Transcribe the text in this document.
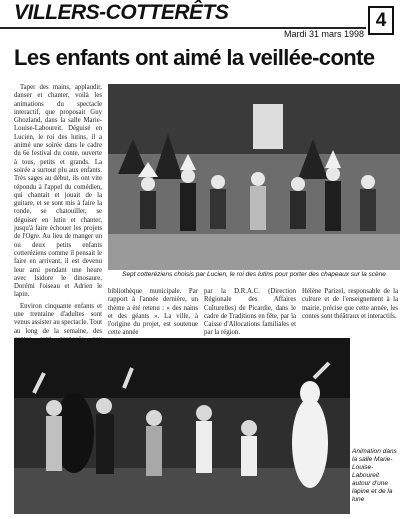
VILLERS-COTTERÊTS
Mardi 31 mars 1998
4
Les enfants ont aimé la veillée-conte

Taper des mains, applaudir, danser et chanter, voilà les animations du spectacle interactif, que proposait Guy Ghozland, dans la salle Marie-Louise-Laboureit. Déguisé en Lucien, le roi des lutins, il a animé une soirée dans le cadre du 6e festival du conte, ouverte à tous, petits et grands. La soirée a surtout plu aux enfants. Très sages au début, ils ont vite répondu à l'appel du comédien, qui chantait et jouait de la guitare, et se sont mis à faire la ronde, se chatouiller, se déguiser en lutin et chanter, jusqu'à faire échouer les projets de l'Ogre. Au lieu de manger un ou deux petits enfants cotteréziens comme il pensait le faire en arrivant, il est devenu leur ami pendant une heure avec Isidore le dinosaure, Dorémi l'oiseau et Adrien le lapin.

Environ cinquante enfants et une trentaine d'adultes sont venus assister au spectacle. Tout au long de la semaine, des

Sept cotteréziens choisis par Lucien, le roi des lutins pour porter des chapeaux sur la scène

bibliothèque municipale. Par rapport à l'année dernière, un thème a été retenu : « des nains et des géants ». La ville, à l'origine du projet, est soutenue cette année

par la D.R.A.C. (Direction Régionale des Affaires Culturelles) de Picardie, dans le cadre de Traditions en fête, par la Caisse d'Allocations familiales et par la région.

Hélène Parizel, responsable de la culture et de l'enseignement à la mairie, précise que cette année, les contes sont théâtraux et interactifs.

Animation dans la salle Marie-Louise-Laboureit autour d'une lapine et de la lune
